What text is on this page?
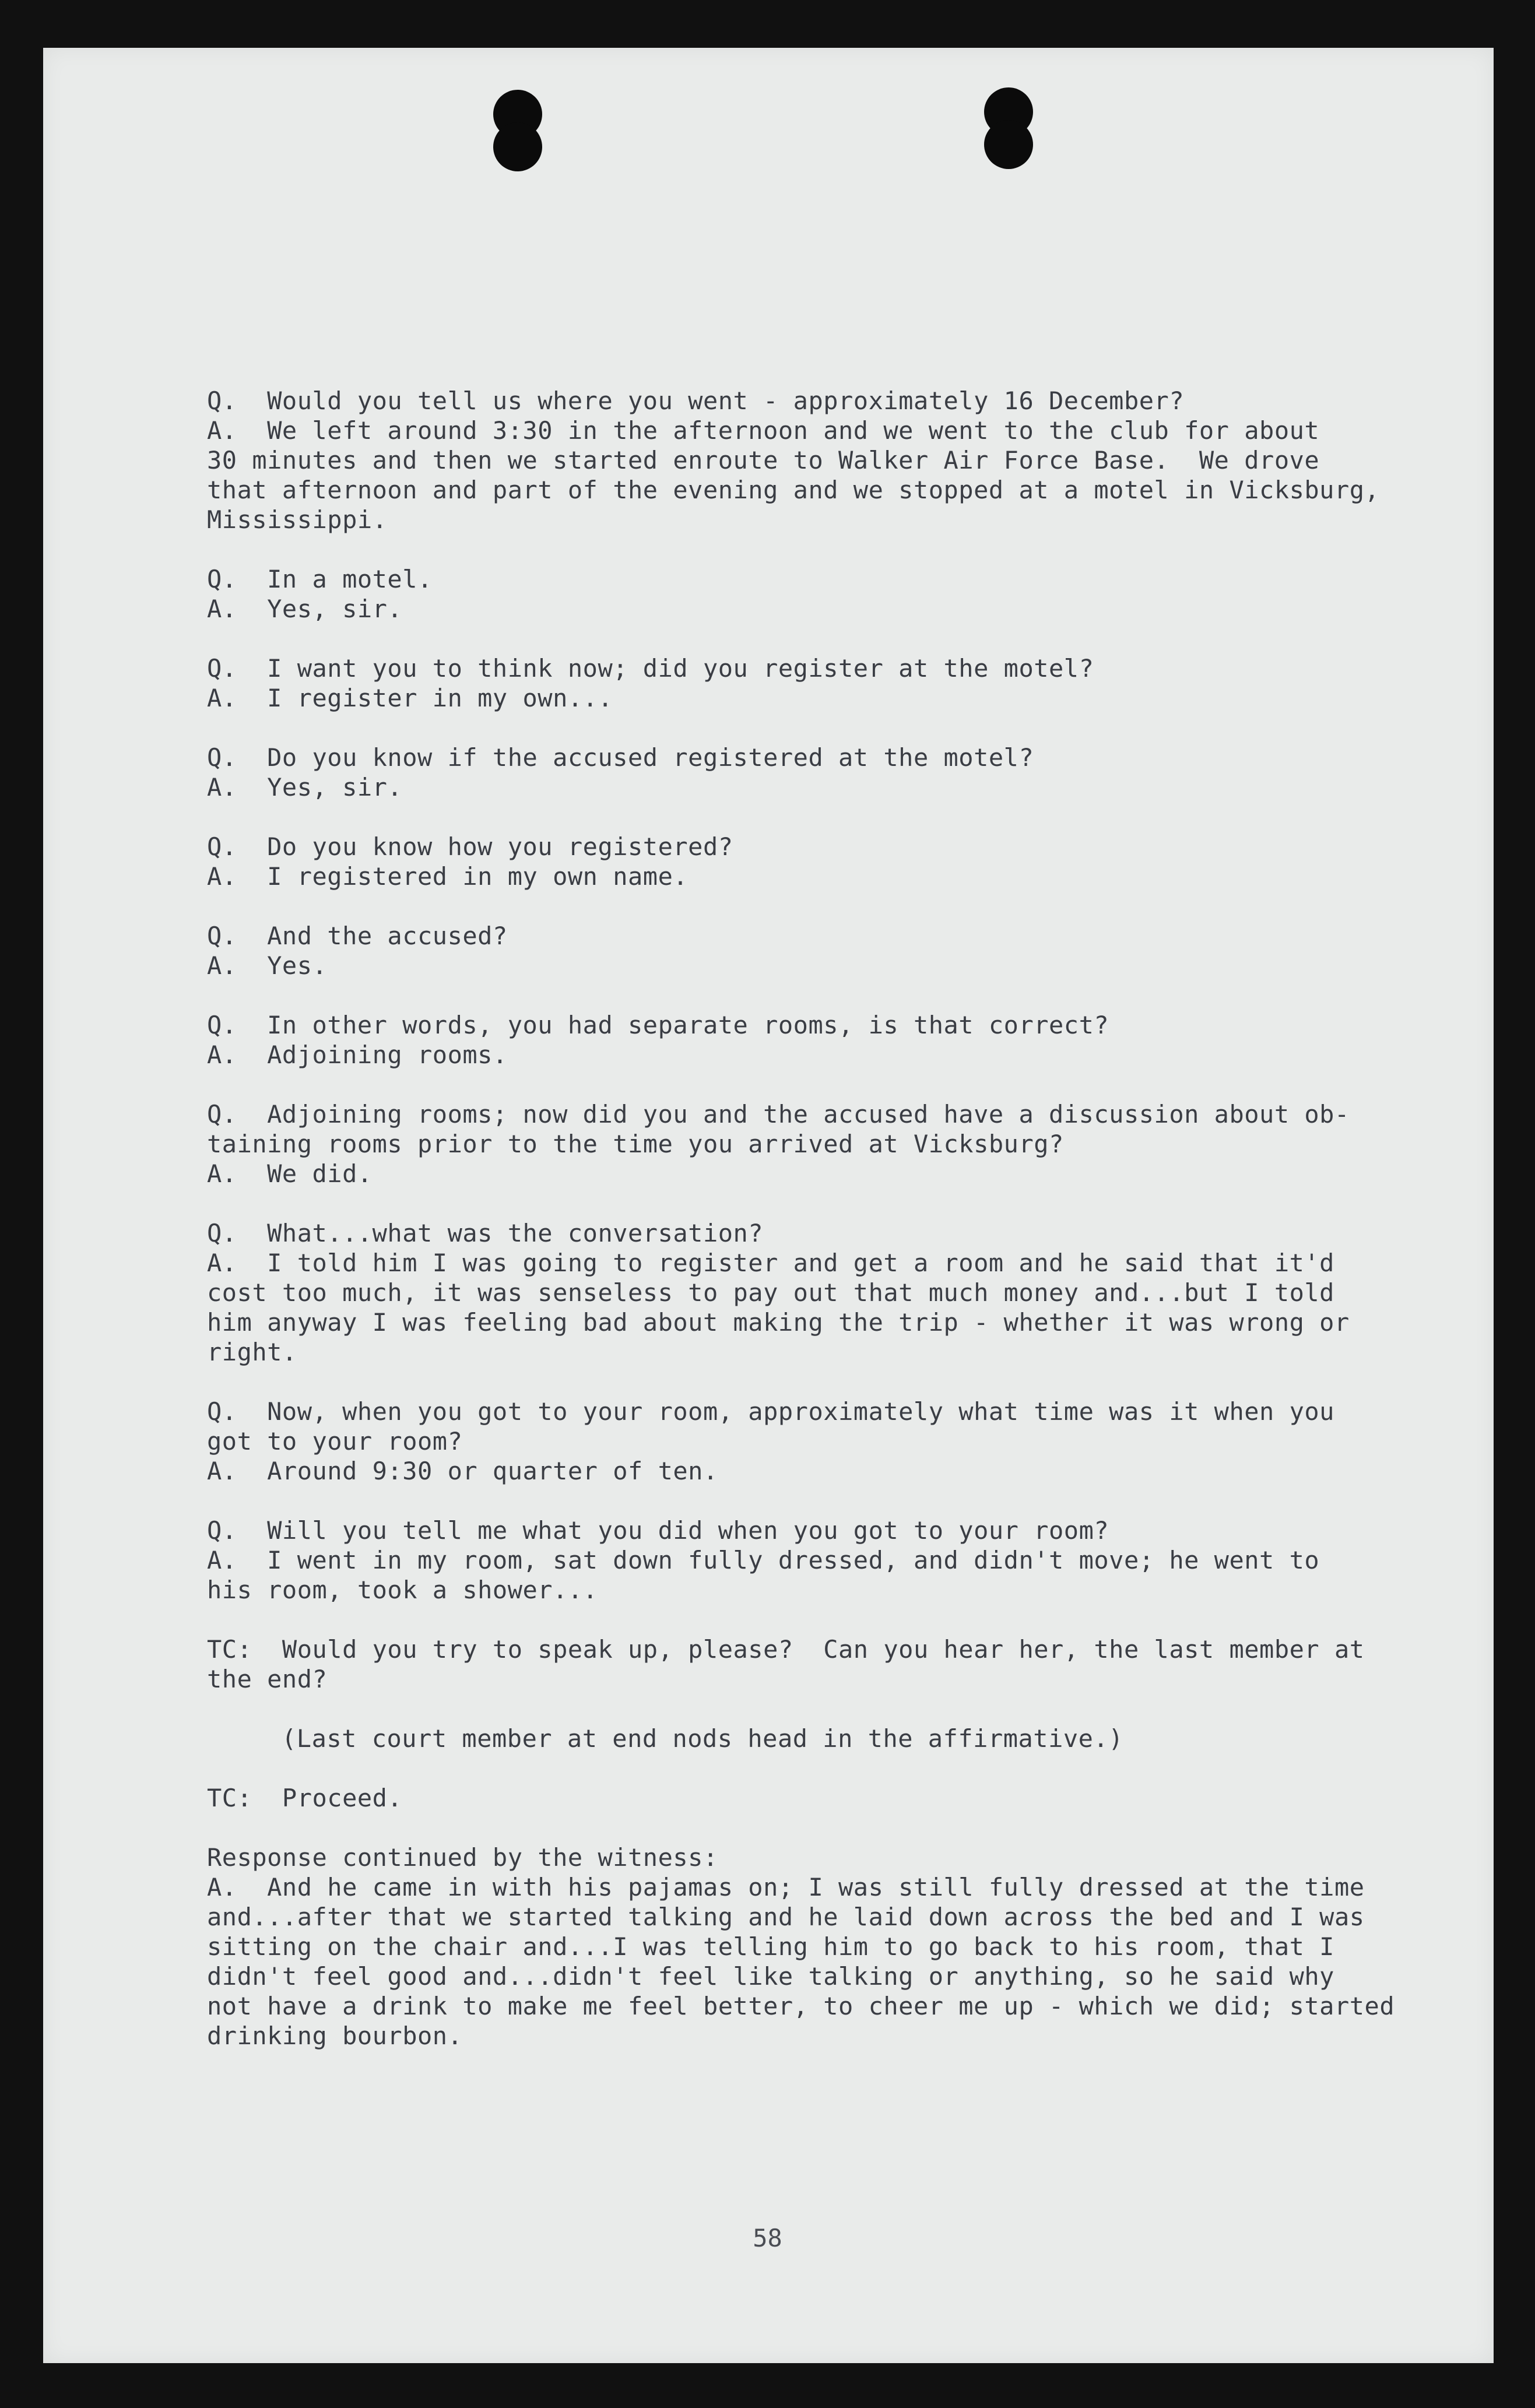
Q.  Would you tell us where you went - approximately 16 December?
A.  We left around 3:30 in the afternoon and we went to the club for about
30 minutes and then we started enroute to Walker Air Force Base.  We drove
that afternoon and part of the evening and we stopped at a motel in Vicksburg,
Mississippi.
Q.  In a motel.
A.  Yes, sir.
Q.  I want you to think now; did you register at the motel?
A.  I register in my own...
Q.  Do you know if the accused registered at the motel?
A.  Yes, sir.
Q.  Do you know how you registered?
A.  I registered in my own name.
Q.  And the accused?
A.  Yes.
Q.  In other words, you had separate rooms, is that correct?
A.  Adjoining rooms.
Q.  Adjoining rooms; now did you and the accused have a discussion about ob-
taining rooms prior to the time you arrived at Vicksburg?
A.  We did.
Q.  What...what was the conversation?
A.  I told him I was going to register and get a room and he said that it'd
cost too much, it was senseless to pay out that much money and...but I told
him anyway I was feeling bad about making the trip - whether it was wrong or
right.
Q.  Now, when you got to your room, approximately what time was it when you
got to your room?
A.  Around 9:30 or quarter of ten.
Q.  Will you tell me what you did when you got to your room?
A.  I went in my room, sat down fully dressed, and didn't move; he went to
his room, took a shower...
TC:  Would you try to speak up, please?  Can you hear her, the last member at
the end?
(Last court member at end nods head in the affirmative.)
TC:  Proceed.
Response continued by the witness:
A.  And he came in with his pajamas on; I was still fully dressed at the time
and...after that we started talking and he laid down across the bed and I was
sitting on the chair and...I was telling him to go back to his room, that I
didn't feel good and...didn't feel like talking or anything, so he said why
not have a drink to make me feel better, to cheer me up - which we did; started
drinking bourbon.
58
